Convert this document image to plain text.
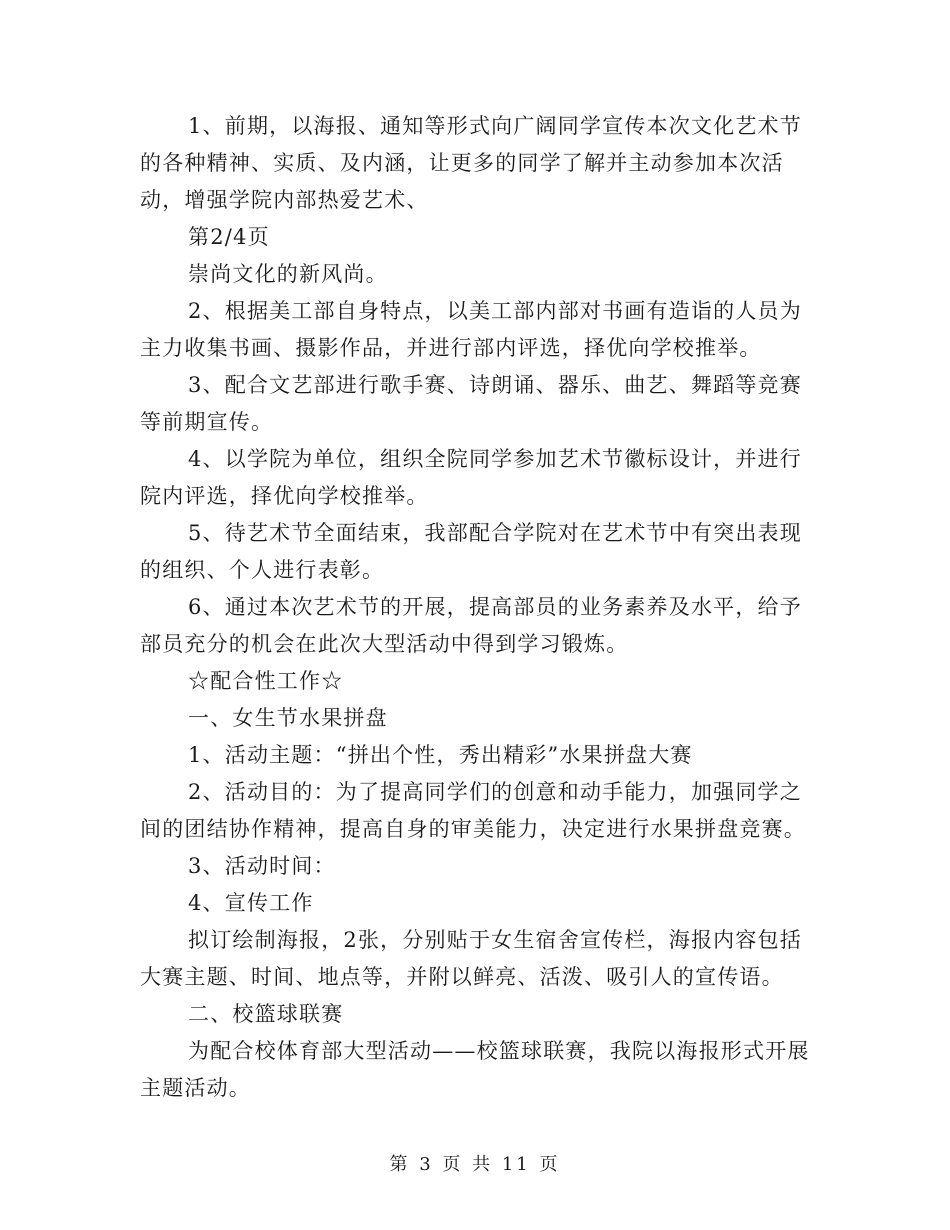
1、前期，以海报、通知等形式向广阔同学宣传本次文化艺术节的各种精神、实质、及内涵，让更多的同学了解并主动参加本次活动，增强学院内部热爱艺术、

第2/4页

崇尚文化的新风尚。

2、根据美工部自身特点，以美工部内部对书画有造诣的人员为主力收集书画、摄影作品，并进行部内评选，择优向学校推举。

3、配合文艺部进行歌手赛、诗朗诵、器乐、曲艺、舞蹈等竞赛等前期宣传。

4、以学院为单位，组织全院同学参加艺术节徽标设计，并进行院内评选，择优向学校推举。

5、待艺术节全面结束，我部配合学院对在艺术节中有突出表现的组织、个人进行表彰。

6、通过本次艺术节的开展，提高部员的业务素养及水平，给予部员充分的机会在此次大型活动中得到学习锻炼。

☆配合性工作☆

一、女生节水果拼盘

1、活动主题：“拼出个性，秀出精彩”水果拼盘大赛

2、活动目的：为了提高同学们的创意和动手能力，加强同学之间的团结协作精神，提高自身的审美能力，决定进行水果拼盘竞赛。

3、活动时间：

4、宣传工作

拟订绘制海报，2张，分别贴于女生宿舍宣传栏，海报内容包括大赛主题、时间、地点等，并附以鲜亮、活泼、吸引人的宣传语。

二、校篮球联赛

为配合校体育部大型活动——校篮球联赛，我院以海报形式开展主题活动。

第 3 页 共 11 页
